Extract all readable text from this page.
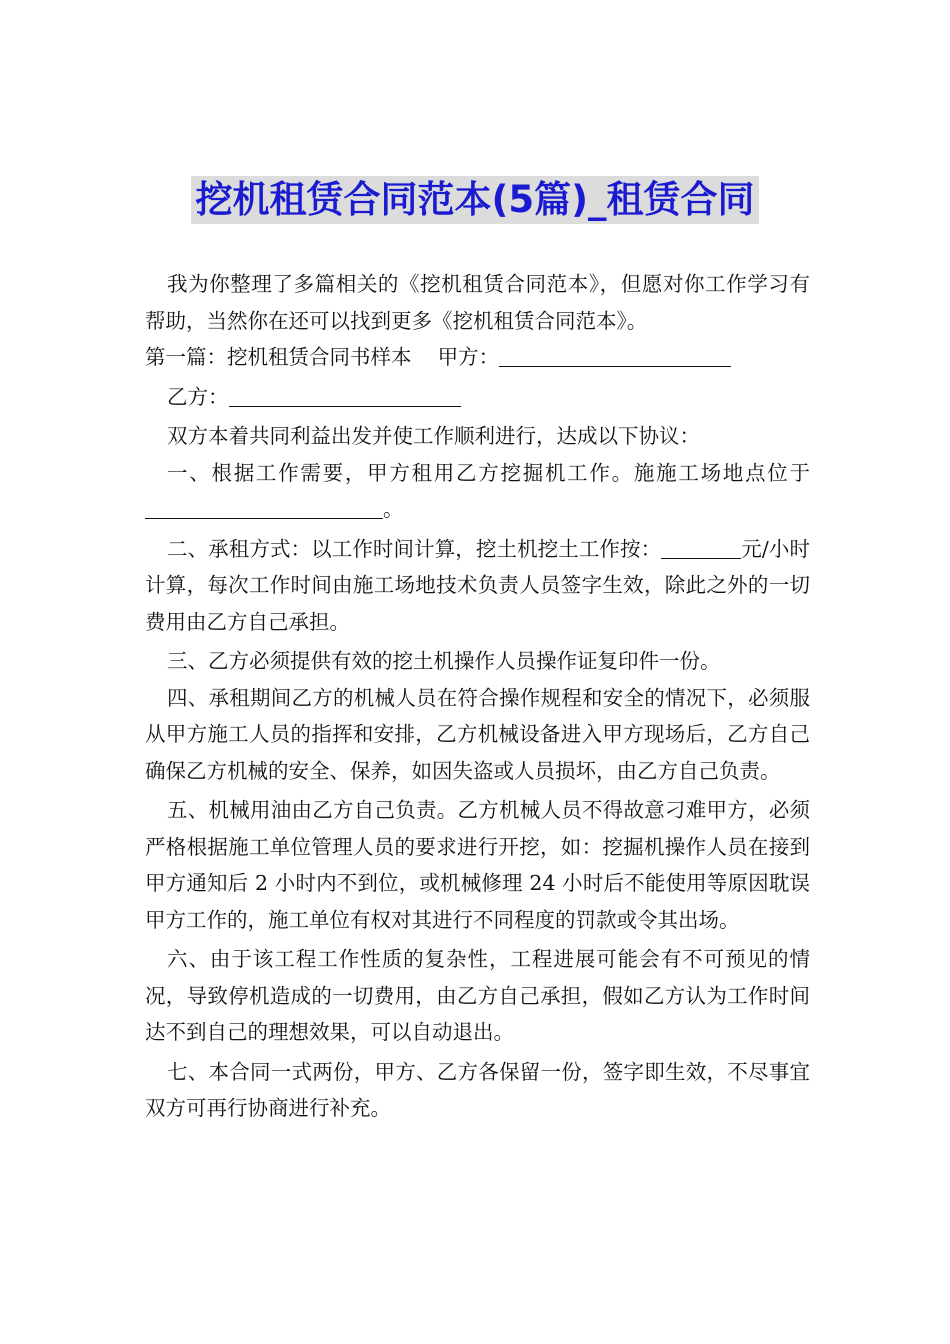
挖机租赁合同范本(5篇)_租赁合同

我为你整理了多篇相关的《挖机租赁合同范本》，但愿对你工作学习有帮助，当然你在还可以找到更多《挖机租赁合同范本》。

第一篇：挖机租赁合同书样本 甲方：

乙方：

双方本着共同利益出发并使工作顺利进行，达成以下协议：

一、根据工作需要，甲方租用乙方挖掘机工作。施施工场地点位于。

二、承租方式：以工作时间计算，挖土机挖土工作按：	元/小时计算，每次工作时间由施工场地技术负责人员签字生效，除此之外的一切费用由乙方自己承担。

三、乙方必须提供有效的挖土机操作人员操作证复印件一份。

四、承租期间乙方的机械人员在符合操作规程和安全的情况下，必须服从甲方施工人员的指挥和安排，乙方机械设备进入甲方现场后，乙方自己确保乙方机械的安全、保养，如因失盗或人员损坏，由乙方自己负责。

五、机械用油由乙方自己负责。乙方机械人员不得故意刁难甲方，必须严格根据施工单位管理人员的要求进行开挖，如：挖掘机操作人员在接到甲方通知后 2 小时内不到位，或机械修理 24 小时后不能使用等原因耽误甲方工作的，施工单位有权对其进行不同程度的罚款或令其出场。

六、由于该工程工作性质的复杂性，工程进展可能会有不可预见的情况，导致停机造成的一切费用，由乙方自己承担，假如乙方认为工作时间达不到自己的理想效果，可以自动退出。

七、本合同一式两份，甲方、乙方各保留一份，签字即生效，不尽事宜双方可再行协商进行补充。
